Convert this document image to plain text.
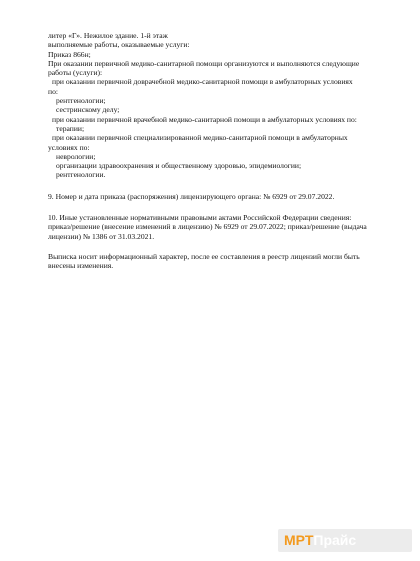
литер «Г». Нежилое здание. 1-й этаж

выполняемые работы, оказываемые услуги:

Приказ 866н;

При оказании первичной медико-санитарной помощи организуются и выполняются следующие

работы (услуги):

при оказании первичной доврачебной медико-санитарной помощи в амбулаторных условиях

по:

рентгенологии;

сестринскому делу;

при оказании первичной врачебной медико-санитарной помощи в амбулаторных условиях по:

терапии;

при оказании первичной специализированной медико-санитарной помощи в амбулаторных

условиях по:

неврологии;

организации здравоохранения и общественному здоровью, эпидемиологии;

рентгенологии.

9. Номер и дата приказа (распоряжения) лицензирующего органа: № 6929 от 29.07.2022.

10. Иные установленные нормативными правовыми актами Российской Федерации сведения:

приказ/решение (внесение изменений в лицензию) № 6929 от 29.07.2022; приказ/решение (выдача

лицензии) № 1386 от 31.03.2021.

Выписка носит информационный характер, после ее составления в реестр лицензий могли быть

внесены изменения.

МРТ Прайс
